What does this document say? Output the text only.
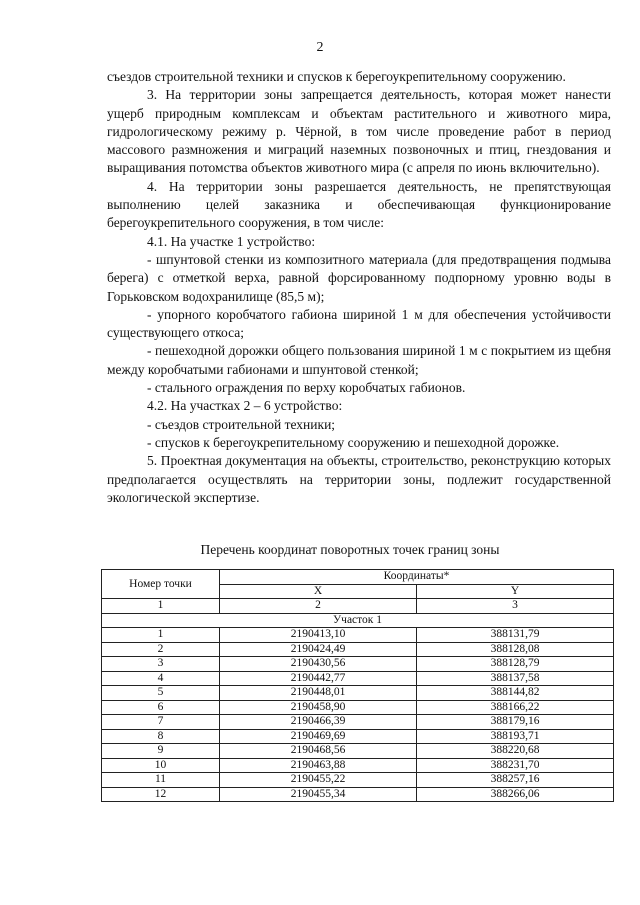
2

съездов строительной техники и спусков к берегоукрепительному сооружению.

3. На территории зоны запрещается деятельность, которая может нанести ущерб природным комплексам и объектам растительного и животного мира, гидрологическому режиму р. Чёрной, в том числе проведение работ в период массового размножения и миграций наземных позвоночных и птиц, гнездования и выращивания потомства объектов животного мира (с апреля по июнь включительно).

4. На территории зоны разрешается деятельность, не препятствующая выполнению целей заказника и обеспечивающая функционирование берегоукрепительного сооружения, в том числе:

4.1. На участке 1 устройство:

- шпунтовой стенки из композитного материала (для предотвращения подмыва берега) с отметкой верха, равной форсированному подпорному уровню воды в Горьковском водохранилище (85,5 м);

- упорного коробчатого габиона шириной 1 м для обеспечения устойчивости существующего откоса;

- пешеходной дорожки общего пользования шириной 1 м с покрытием из щебня между коробчатыми габионами и шпунтовой стенкой;

- стального ограждения по верху коробчатых габионов.

4.2. На участках 2 – 6 устройство:

- съездов строительной техники;

- спусков к берегоукрепительному сооружению и пешеходной дорожке.

5. Проектная документация на объекты, строительство, реконструкцию которых предполагается осуществлять на территории зоны, подлежит государственной экологической экспертизе.

Перечень координат поворотных точек границ зоны
Номер точки	Координаты*	
	X	Y
1	2	3
Участок 1		
1	2190413,10	388131,79
2	2190424,49	388128,08
3	2190430,56	388128,79
4	2190442,77	388137,58
5	2190448,01	388144,82
6	2190458,90	388166,22
7	2190466,39	388179,16
8	2190469,69	388193,71
9	2190468,56	388220,68
10	2190463,88	388231,70
11	2190455,22	388257,16
12	2190455,34	388266,06
